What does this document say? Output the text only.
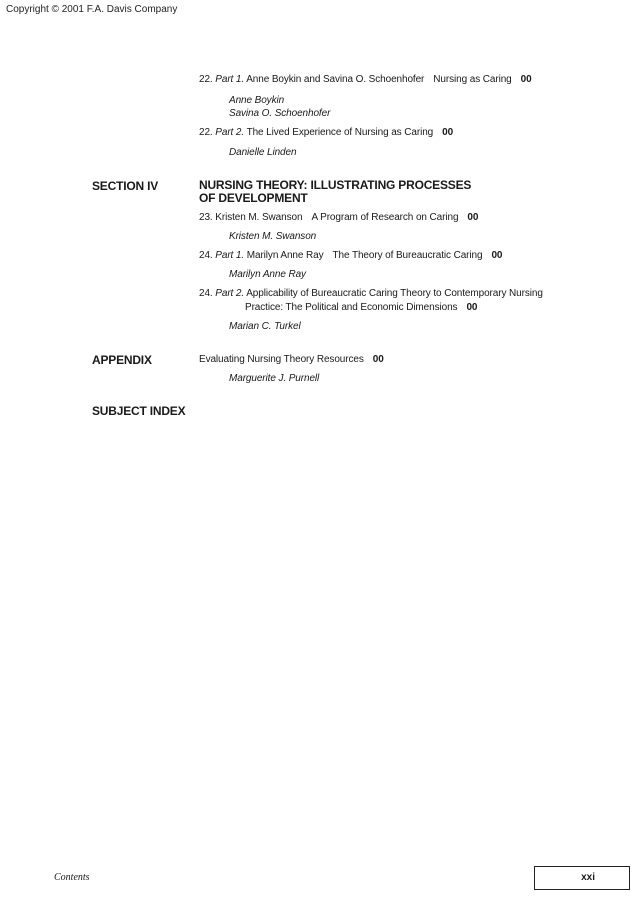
Copyright © 2001 F.A. Davis Company
22. Part 1. Anne Boykin and Savina O. Schoenhofer Nursing as Caring 00
Anne Boykin
Savina O. Schoenhofer
22. Part 2. The Lived Experience of Nursing as Caring 00
Danielle Linden
SECTION IV	NURSING THEORY: ILLUSTRATING PROCESSES
OF DEVELOPMENT
23. Kristen M. Swanson A Program of Research on Caring 00
Kristen M. Swanson
24. Part 1. Marilyn Anne Ray The Theory of Bureaucratic Caring 00
Marilyn Anne Ray
24. Part 2. Applicability of Bureaucratic Caring Theory to Contemporary Nursing
Practice: The Political and Economic Dimensions 00
Marian C. Turkel
APPENDIX	Evaluating Nursing Theory Resources 00
Marguerite J. Purnell
SUBJECT INDEX
Contents	xxi
